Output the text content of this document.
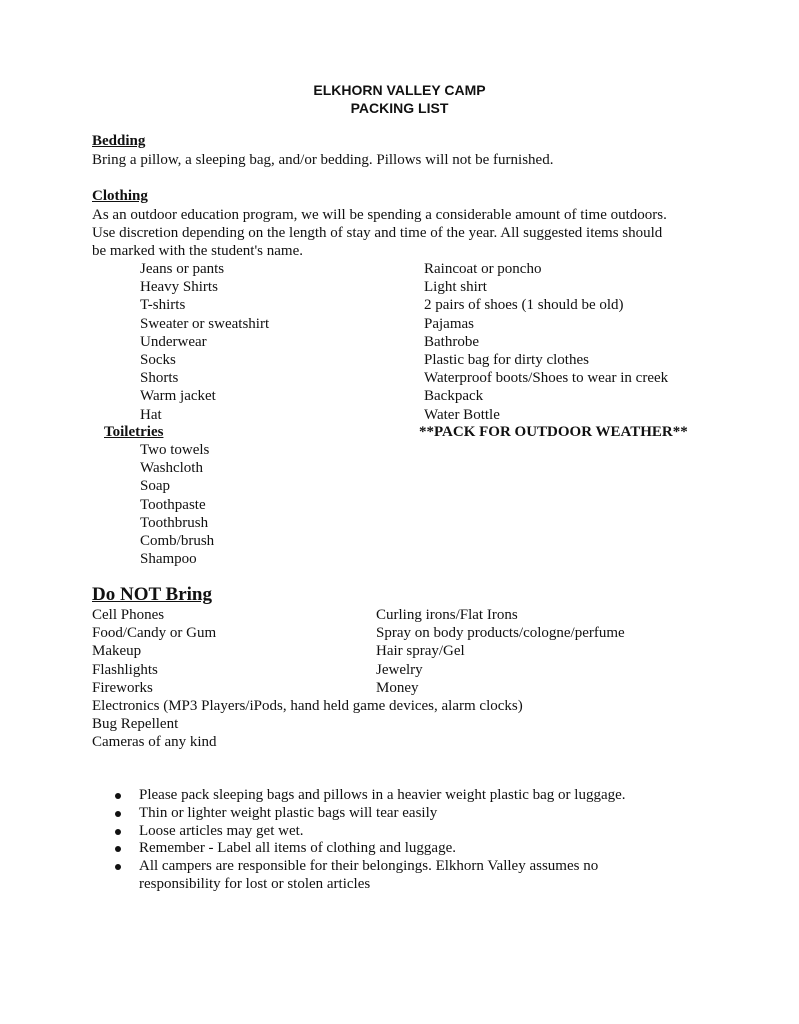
ELKHORN VALLEY CAMP
PACKING LIST
Bedding
Bring a pillow, a sleeping bag, and/or bedding. Pillows will not be furnished.
Clothing
As an outdoor education program, we will be spending a considerable amount of time outdoors.
Use discretion depending on the length of stay and time of the year. All suggested items should
be marked with the student's name.
Jeans or pants
Heavy Shirts
T-shirts
Sweater or sweatshirt
Underwear
Socks
Shorts
Warm jacket
Hat
Raincoat or poncho
Light shirt
2 pairs of shoes (1 should be old)
Pajamas
Bathrobe
Plastic bag for dirty clothes
Waterproof boots/Shoes to wear in creek
Backpack
Water Bottle
Toiletries	**PACK FOR OUTDOOR WEATHER**
Two towels
Washcloth
Soap
Toothpaste
Toothbrush
Comb/brush
Shampoo
Do NOT Bring
Cell Phones
Food/Candy or Gum
Makeup
Flashlights
Fireworks
Curling irons/Flat Irons
Spray on body products/cologne/perfume
Hair spray/Gel
Jewelry
Money
Electronics (MP3 Players/iPods, hand held game devices, alarm clocks)
Bug Repellent
Cameras of any kind
Please pack sleeping bags and pillows in a heavier weight plastic bag or luggage.
Thin or lighter weight plastic bags will tear easily
Loose articles may get wet.
Remember - Label all items of clothing and luggage.
All campers are responsible for their belongings. Elkhorn Valley assumes no
responsibility for lost or stolen articles
